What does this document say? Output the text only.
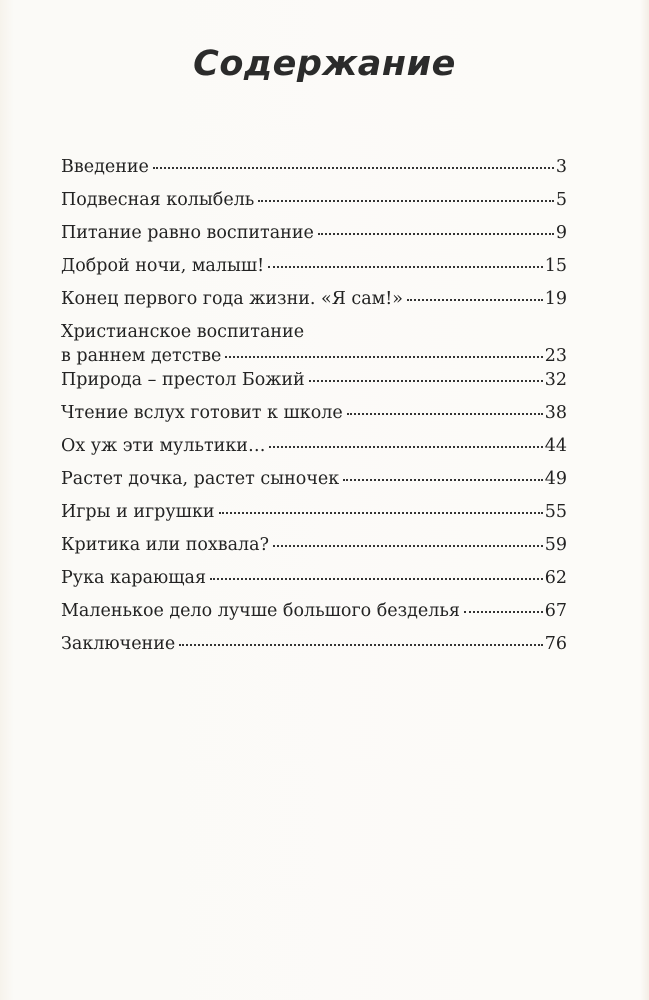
Содержание
Введение	3
Подвесная колыбель	5
Питание равно воспитание	9
Доброй ночи, малыш!	15
Конец первого года жизни. «Я сам!»	19
Христианское воспитание
в раннем детстве	23
Природа – престол Божий	32
Чтение вслух готовит к школе	38
Ох уж эти мультики…	44
Растет дочка, растет сыночек	49
Игры и игрушки	55
Критика или похвала?	59
Рука карающая	62
Маленькое дело лучше большого безделья	67
Заключение	76
